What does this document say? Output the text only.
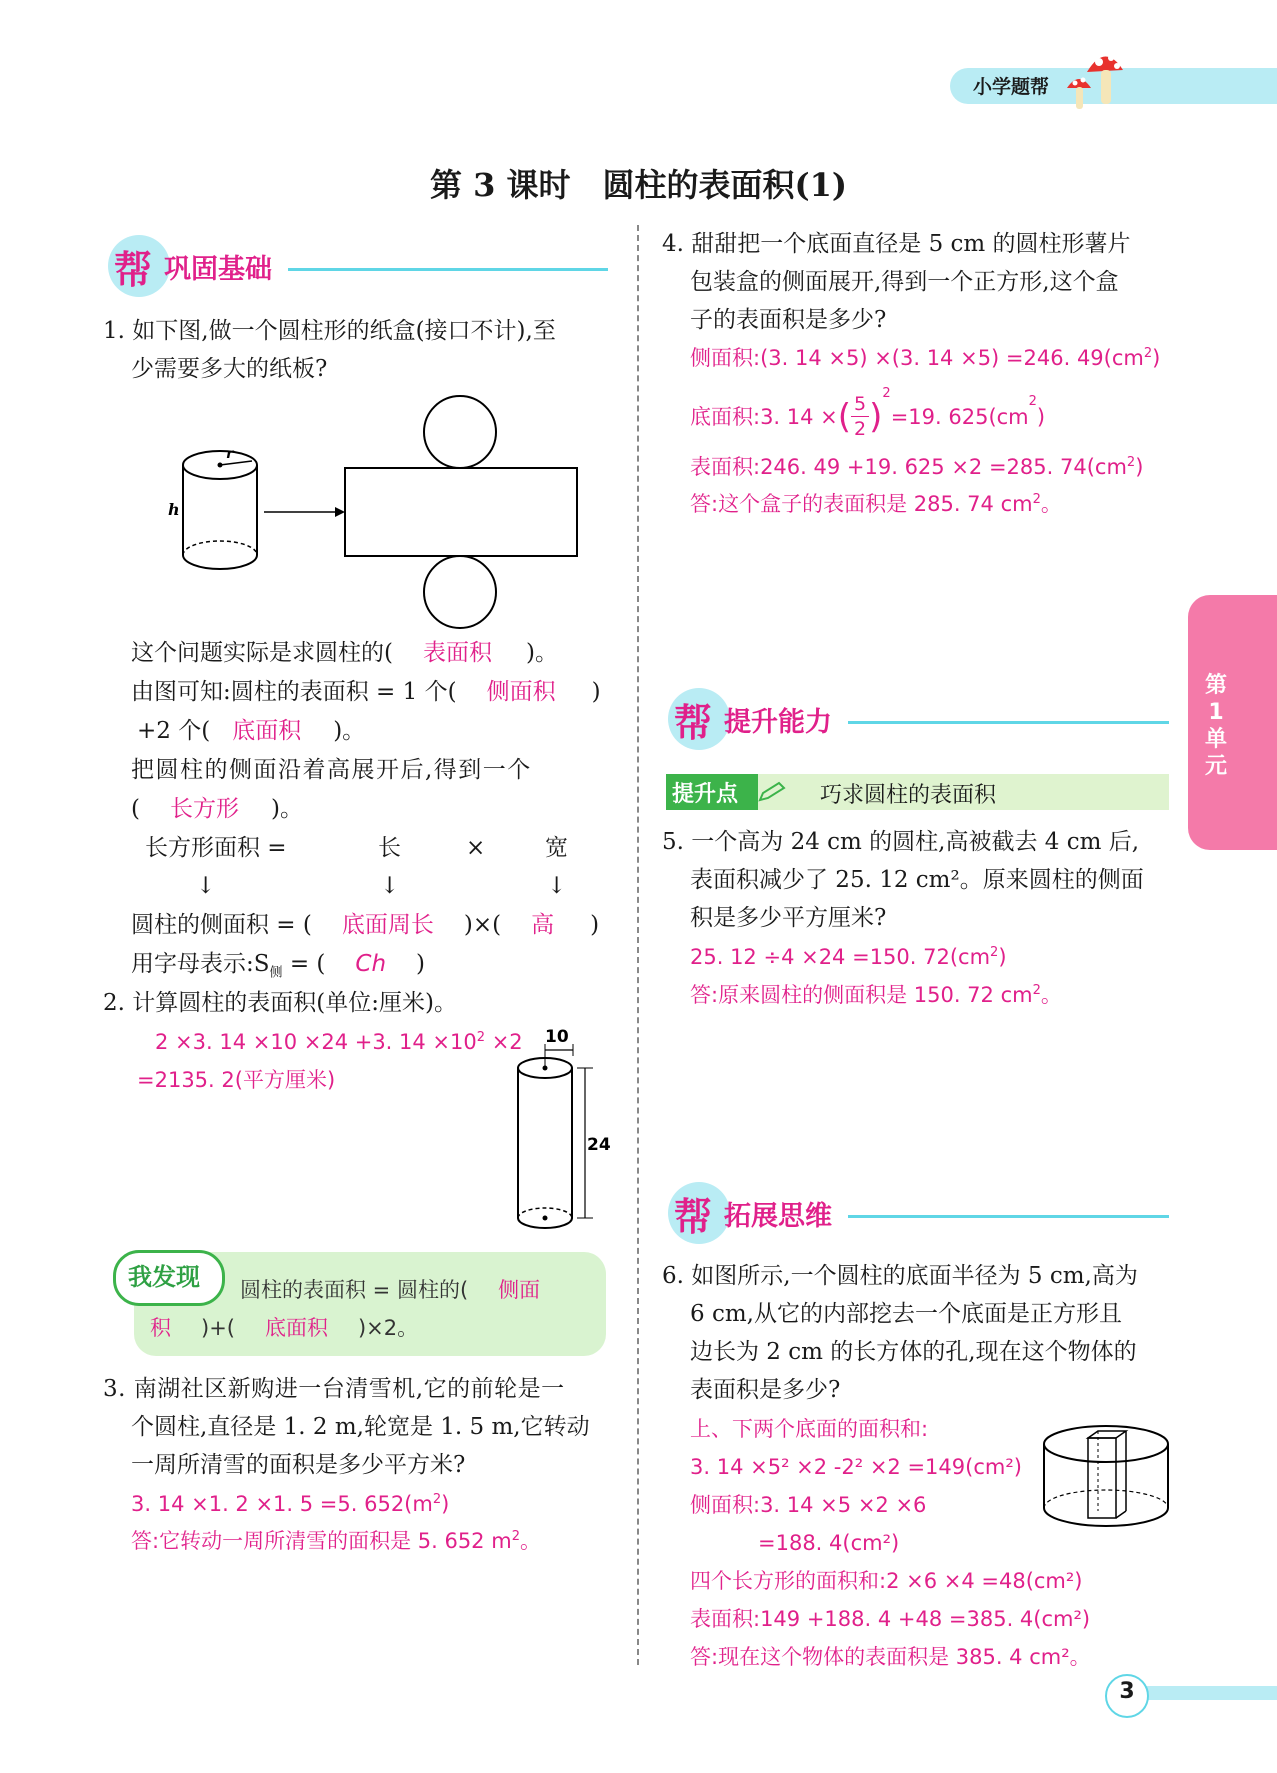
小学题帮
第 3 课时　圆柱的表面积(1)
第1单元
帮 巩固基础
1. 如下图,做一个圆柱形的纸盒(接口不计),至
少需要多大的纸板?
r
h
这个问题实际是求圆柱的( 表面积 )。
由图可知:圆柱的表面积 = 1 个( 侧面积 )
+2 个( 底面积 )。
把圆柱的侧面沿着高展开后,得到一个
( 长方形 )。
长方形面积 =	长	×	宽
↓	↓	↓
圆柱的侧面积 = ( 底面周长 )×( 高 )
用字母表示$:S_侧$ = ( Ch )
2. 计算圆柱的表面积(单位:厘米)。
2 ×3. 14 ×10 ×24 +3. $14 \times 10^2 \times 2$
=2135. 2(平方厘米)
10
24
我发现 圆柱的表面积 = 圆柱的( 侧面
积 )+( 底面积 )×2。
3. 南湖社区新购进一台清雪机,它的前轮是一
个圆柱,直径是 1. 2 m,轮宽是 1. 5 m,它转动
一周所清雪的面积是多少平方米?
3. 14 ×1. 2 ×1. 5 =5. $652(m^2)$
答:它转动一周所清雪的面积是 5. 652 $m^2$。
4. 甜甜把一个底面直径是 5 cm 的圆柱形薯片
包装盒的侧面展开,得到一个正方形,这个盒
子的表面积是多少?
侧面积:(3. 14 ×5) ×(3. 14 ×5) =246. $49(cm^2)$
底面积:3. 14 × ( $\frac{5}{2}$ )
2
=19. 625(cm
2
)
表面积:246. 49 +19. 625 ×2 =285. $74(cm^2)$
答:这个盒子的表面积是 285. 74 $cm^2$。
帮 提升能力
提升点	巧求圆柱的表面积
5. 一个高为 24 cm 的圆柱,高被截去 4 cm 后,
表面积减少了 25. 12 cm²。原来圆柱的侧面
积是多少平方厘米?
25. 12 ÷4 ×24 =150. $72(cm^2)$
答:原来圆柱的侧面积是 150. 72 $cm^2$。
帮 拓展思维
6. 如图所示,一个圆柱的底面半径为 5 cm,高为
6 cm,从它的内部挖去一个底面是正方形且
边长为 2 cm 的长方体的孔,现在这个物体的
表面积是多少?
上、下两个底面的面积和:
3. 14 ×5² ×2 -2² ×2 =149(cm²)
侧面积:3. 14 ×5 ×2 ×6
=188. 4(cm²)
四个长方形的面积和:2 ×6 ×4 =48(cm²)
表面积:149 +188. 4 +48 =385. 4(cm²)
答:现在这个物体的表面积是 385. 4 cm²。
3
